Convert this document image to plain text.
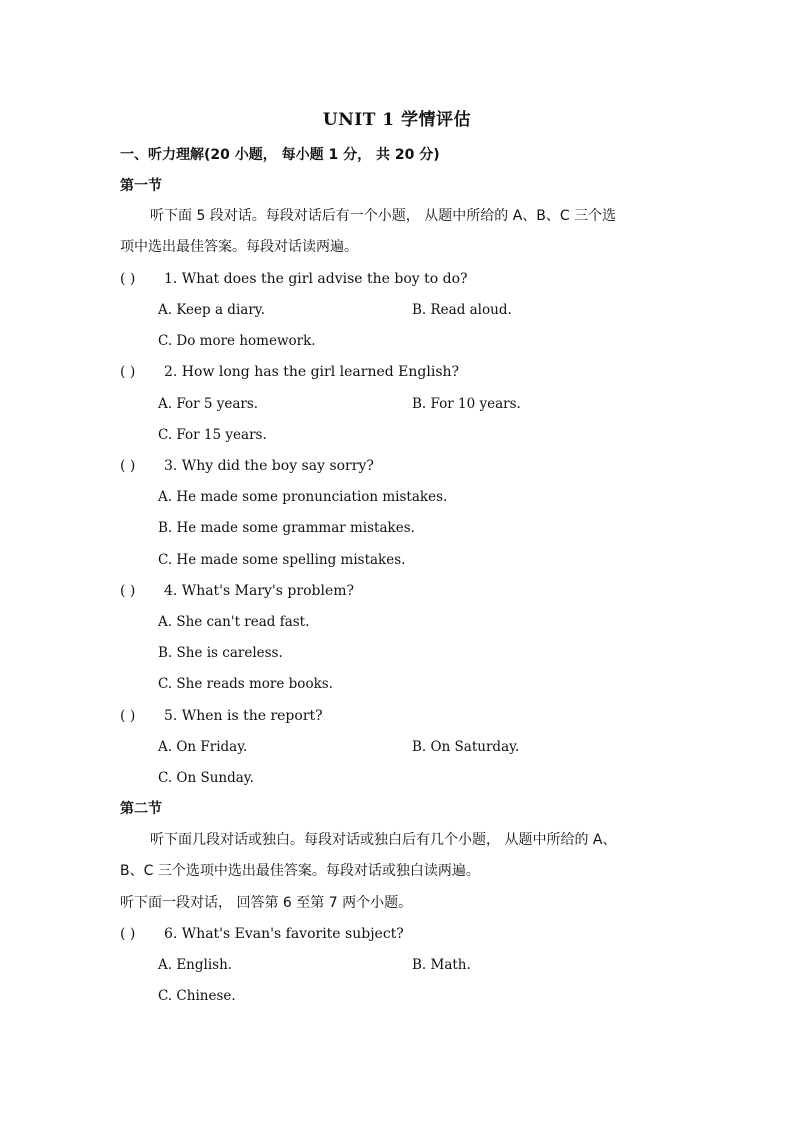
UNIT 1 学情评估
一、听力理解(20 小题， 每小题 1 分， 共 20 分)
第一节
听下面 5 段对话。每段对话后有一个小题， 从题中所给的 A、B、C 三个选
项中选出最佳答案。每段对话读两遍。
( ) 1. What does the girl advise the boy to do?
A. Keep a diary.	B. Read aloud.
C. Do more homework.
( ) 2. How long has the girl learned English?
A. For 5 years.	B. For 10 years.
C. For 15 years.
( ) 3. Why did the boy say sorry?
A. He made some pronunciation mistakes.
B. He made some grammar mistakes.
C. He made some spelling mistakes.
( ) 4. What's Mary's problem?
A. She can't read fast.
B. She is careless.
C. She reads more books.
( ) 5. When is the report?
A. On Friday.	B. On Saturday.
C. On Sunday.
第二节
听下面几段对话或独白。每段对话或独白后有几个小题， 从题中所给的 A、
B、C 三个选项中选出最佳答案。每段对话或独白读两遍。
听下面一段对话， 回答第 6 至第 7 两个小题。
( ) 6. What's Evan's favorite subject?
A. English.	B. Math.
C. Chinese.
